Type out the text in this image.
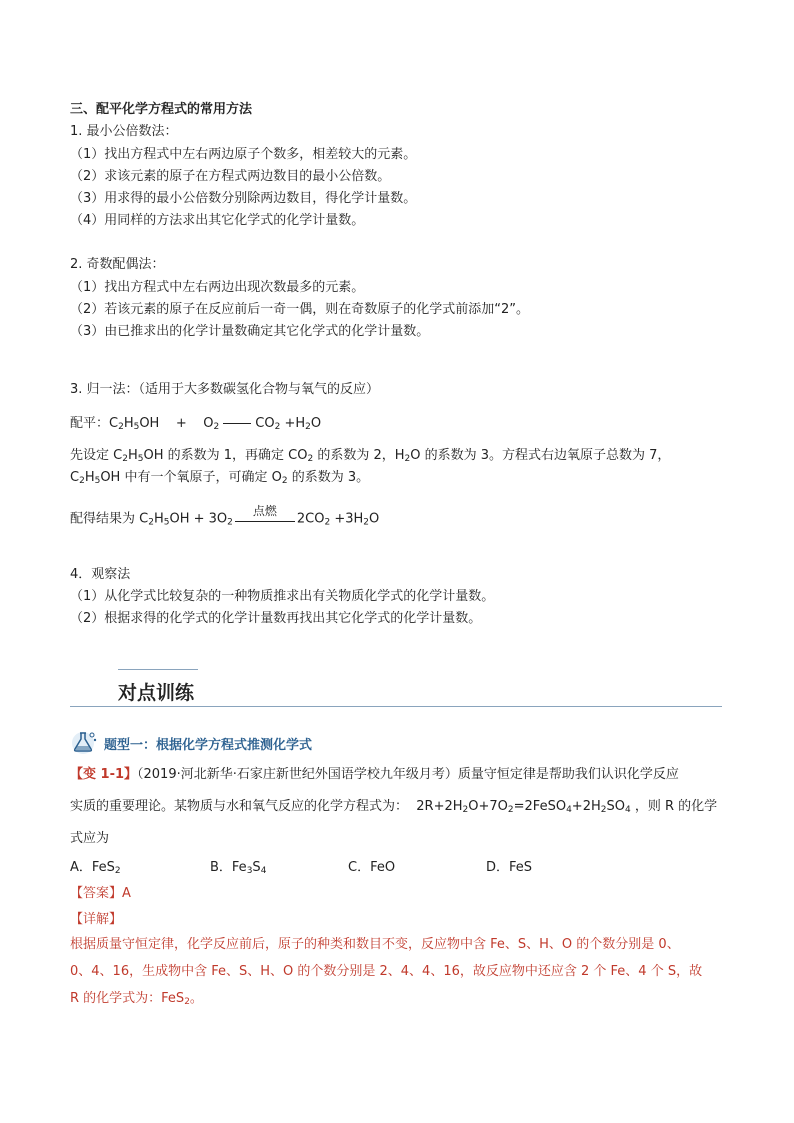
三、配平化学方程式的常用方法
1. 最小公倍数法：
（1）找出方程式中左右两边原子个数多，相差较大的元素。
（2）求该元素的原子在方程式两边数目的最小公倍数。
（3）用求得的最小公倍数分别除两边数目，得化学计量数。
（4）用同样的方法求出其它化学式的化学计量数。
2. 奇数配偶法：
（1）找出方程式中左右两边出现次数最多的元素。
（2）若该元素的原子在反应前后一奇一偶，则在奇数原子的化学式前添加“2”。
（3）由已推求出的化学计量数确定其它化学式的化学计量数。
3. 归一法：（适用于大多数碳氢化合物与氧气的反应）
配平：$C_2H_5OH$    +    $O_2$	$CO_2 +H_2O$
先设定 $C_2H_5OH$ 的系数为 1，再确定 $CO_2$ 的系数为 2，$H_2O$ 的系数为 3。方程式右边氧原子总数为 7，
$C_2H_5OH$ 中有一个氧原子，可确定 $O_2$ 的系数为 3。
配得结果为 $C_2H_5OH + 3O_2$
点燃
$2CO_2 +3H_2O$
4．观察法
（1）从化学式比较复杂的一种物质推求出有关物质化学式的化学计量数。
（2）根据求得的化学式的化学计量数再找出其它化学式的化学计量数。
对点训练
题型一：根据化学方程式推测化学式
【变 1-1】（2019·河北新华·石家庄新世纪外国语学校九年级月考）质量守恒定律是帮助我们认识化学反应
实质的重要理论。某物质与水和氧气反应的化学方程式为：  $2R+2H_2O+7O_2=2FeSO_4+2H_2SO_4$ ，则 R 的化学
式应为
A．FeS$_2$	B．$Fe_3S_4$	C．FeO	D．FeS
【答案】A
【详解】
根据质量守恒定律，化学反应前后，原子的种类和数目不变，反应物中含 Fe、S、H、O 的个数分别是 0、
0、4、16，生成物中含 Fe、S、H、O 的个数分别是 2、4、4、16，故反应物中还应含 2 个 Fe、4 个 S，故
R 的化学式为：FeS$_2$。
